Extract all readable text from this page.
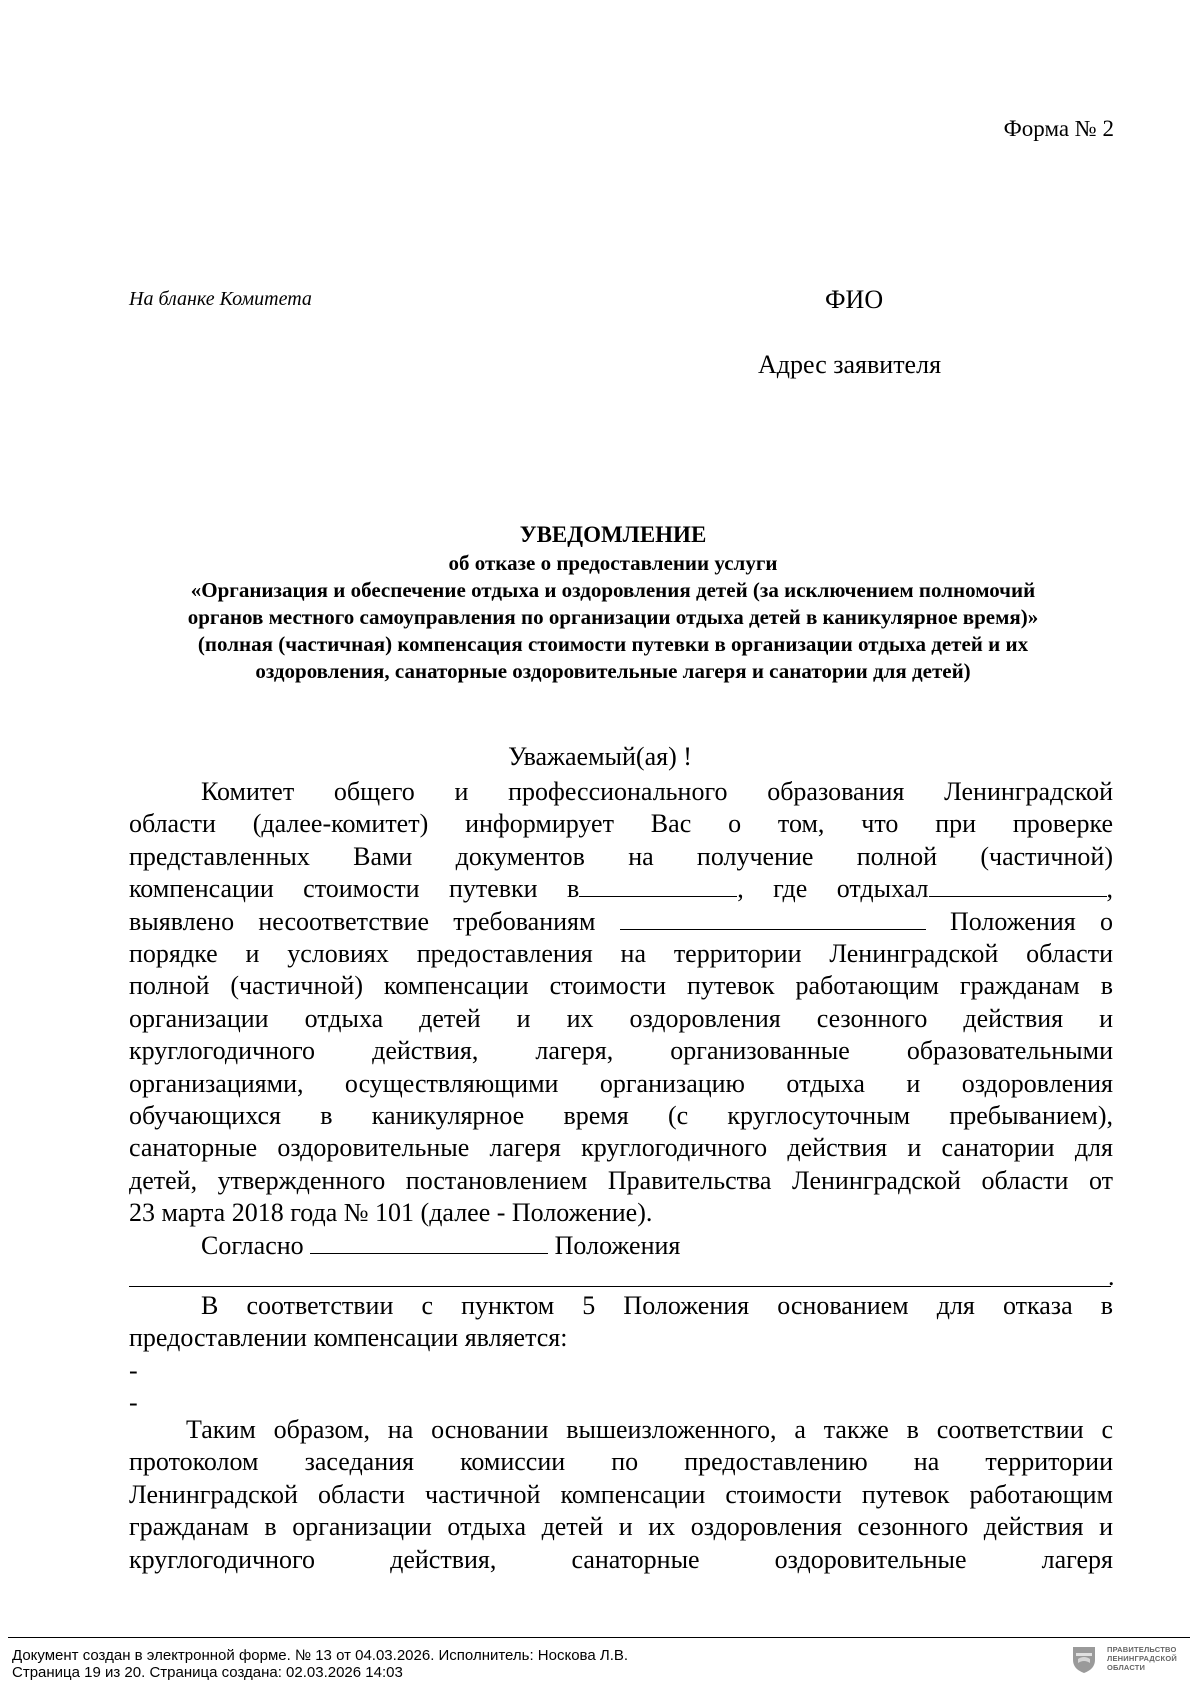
Форма № 2
На бланке Комитета	ФИО
Адрес заявителя
УВЕДОМЛЕНИЕ
об отказе о предоставлении услуги
«Организация и обеспечение отдыха и оздоровления детей (за исключением полномочий
органов местного самоуправления по организации отдыха детей в каникулярное время)»
(полная (частичная) компенсация стоимости путевки в организации отдыха детей и их
оздоровления, санаторные оздоровительные лагеря и санатории для детей)
Уважаемый(ая) !
Комитет общего и профессионального образования Ленинградской
области (далее-комитет) информирует Вас о том, что при проверке
представленных Вами документов на получение полной (частичной)
компенсации стоимости путевки в	, где отдыхал	,
выявлено несоответствие требованиям	Положения о
порядке и условиях предоставления на территории Ленинградской области
полной (частичной) компенсации стоимости путевок работающим гражданам в
организации отдыха детей и их оздоровления сезонного действия и
круглогодичного действия, лагеря, организованные образовательными
организациями, осуществляющими организацию отдыха и оздоровления
обучающихся в каникулярное время (с круглосуточным пребыванием),
санаторные оздоровительные лагеря круглогодичного действия и санатории для
детей, утвержденного постановлением Правительства Ленинградской области от
23 марта 2018 года № 101 (далее - Положение).
Согласно	Положения
.
В соответствии с пунктом 5 Положения основанием для отказа в
предоставлении компенсации является:
-
-
Таким образом, на основании вышеизложенного, а также в соответствии с
протоколом заседания комиссии по предоставлению на территории
Ленинградской области частичной компенсации стоимости путевок работающим
гражданам в организации отдыха детей и их оздоровления сезонного действия и
круглогодичного действия, санаторные оздоровительные лагеря
Документ создан в электронной форме. № 13 от 04.03.2026. Исполнитель: Носкова Л.В.
Страница 19 из 20. Страница создана: 02.03.2026 14:03
ПРАВИТЕЛЬСТВО
ЛЕНИНГРАДСКОЙ
ОБЛАСТИ
